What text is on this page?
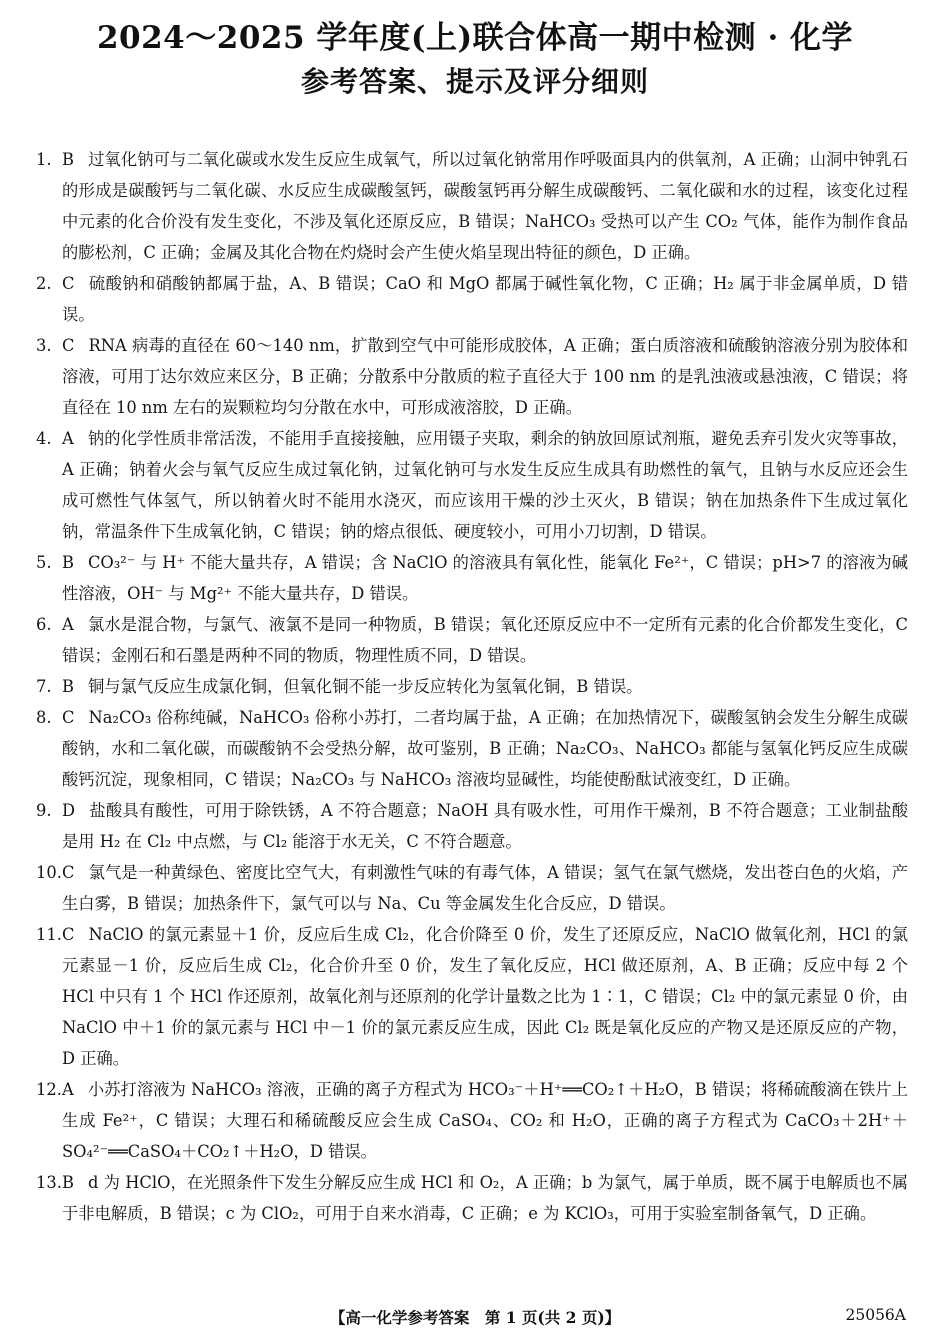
2024～2025 学年度(上)联合体高一期中检测 · 化学
参考答案、提示及评分细则

1. B 过氧化钠可与二氧化碳或水发生反应生成氧气，所以过氧化钠常用作呼吸面具内的供氧剂，A 正确；山洞中钟乳石的形成是碳酸钙与二氧化碳、水反应生成碳酸氢钙，碳酸氢钙再分解生成碳酸钙、二氧化碳和水的过程，该变化过程中元素的化合价没有发生变化，不涉及氧化还原反应，B 错误；NaHCO₃ 受热可以产生 CO₂ 气体，能作为制作食品的膨松剂，C 正确；金属及其化合物在灼烧时会产生使火焰呈现出特征的颜色，D 正确。

2. C 硫酸钠和硝酸钠都属于盐，A、B 错误；CaO 和 MgO 都属于碱性氧化物，C 正确；H₂ 属于非金属单质，D 错误。

3. C RNA 病毒的直径在 60～140 nm，扩散到空气中可能形成胶体，A 正确；蛋白质溶液和硫酸钠溶液分别为胶体和溶液，可用丁达尔效应来区分，B 正确；分散系中分散质的粒子直径大于 100 nm 的是乳浊液或悬浊液，C 错误；将直径在 10 nm 左右的炭颗粒均匀分散在水中，可形成液溶胶，D 正确。

4. A 钠的化学性质非常活泼，不能用手直接接触，应用镊子夹取，剩余的钠放回原试剂瓶，避免丢弃引发火灾等事故，A 正确；钠着火会与氧气反应生成过氧化钠，过氧化钠可与水发生反应生成具有助燃性的氧气，且钠与水反应还会生成可燃性气体氢气，所以钠着火时不能用水浇灭，而应该用干燥的沙土灭火，B 错误；钠在加热条件下生成过氧化钠，常温条件下生成氧化钠，C 错误；钠的熔点很低、硬度较小，可用小刀切割，D 错误。

5. B CO₃²⁻ 与 H⁺ 不能大量共存，A 错误；含 NaClO 的溶液具有氧化性，能氧化 Fe²⁺，C 错误；pH>7 的溶液为碱性溶液，OH⁻ 与 Mg²⁺ 不能大量共存，D 错误。

6. A 氯水是混合物，与氯气、液氯不是同一种物质，B 错误；氧化还原反应中不一定所有元素的化合价都发生变化，C 错误；金刚石和石墨是两种不同的物质，物理性质不同，D 错误。

7. B 铜与氯气反应生成氯化铜，但氧化铜不能一步反应转化为氢氧化铜，B 错误。

8. C Na₂CO₃ 俗称纯碱，NaHCO₃ 俗称小苏打，二者均属于盐，A 正确；在加热情况下，碳酸氢钠会发生分解生成碳酸钠，水和二氧化碳，而碳酸钠不会受热分解，故可鉴别，B 正确；Na₂CO₃、NaHCO₃ 都能与氢氧化钙反应生成碳酸钙沉淀，现象相同，C 错误；Na₂CO₃ 与 NaHCO₃ 溶液均显碱性，均能使酚酞试液变红，D 正确。

9. D 盐酸具有酸性，可用于除铁锈，A 不符合题意；NaOH 具有吸水性，可用作干燥剂，B 不符合题意；工业制盐酸是用 H₂ 在 Cl₂ 中点燃，与 Cl₂ 能溶于水无关，C 不符合题意。

10. C 氯气是一种黄绿色、密度比空气大，有刺激性气味的有毒气体，A 错误；氢气在氯气燃烧，发出苍白色的火焰，产生白雾，B 错误；加热条件下，氯气可以与 Na、Cu 等金属发生化合反应，D 错误。

11. C NaClO 的氯元素显＋1 价，反应后生成 Cl₂，化合价降至 0 价，发生了还原反应，NaClO 做氧化剂，HCl 的氯元素显－1 价，反应后生成 Cl₂，化合价升至 0 价，发生了氧化反应，HCl 做还原剂，A、B 正确；反应中每 2 个 HCl 中只有 1 个 HCl 作还原剂，故氧化剂与还原剂的化学计量数之比为 1∶1，C 错误；Cl₂ 中的氯元素显 0 价，由 NaClO 中＋1 价的氯元素与 HCl 中－1 价的氯元素反应生成，因此 Cl₂ 既是氧化反应的产物又是还原反应的产物，D 正确。

12. A 小苏打溶液为 NaHCO₃ 溶液，正确的离子方程式为 HCO₃⁻＋H⁺══CO₂↑＋H₂O，B 错误；将稀硫酸滴在铁片上生成 Fe²⁺，C 错误；大理石和稀硫酸反应会生成 CaSO₄、CO₂ 和 H₂O，正确的离子方程式为 CaCO₃＋2H⁺＋SO₄²⁻══CaSO₄＋CO₂↑＋H₂O，D 错误。

13. B d 为 HClO，在光照条件下发生分解反应生成 HCl 和 O₂，A 正确；b 为氯气，属于单质，既不属于电解质也不属于非电解质，B 错误；c 为 ClO₂，可用于自来水消毒，C 正确；e 为 KClO₃，可用于实验室制备氧气，D 正确。

【高一化学参考答案　第 1 页(共 2 页)】	25056A
